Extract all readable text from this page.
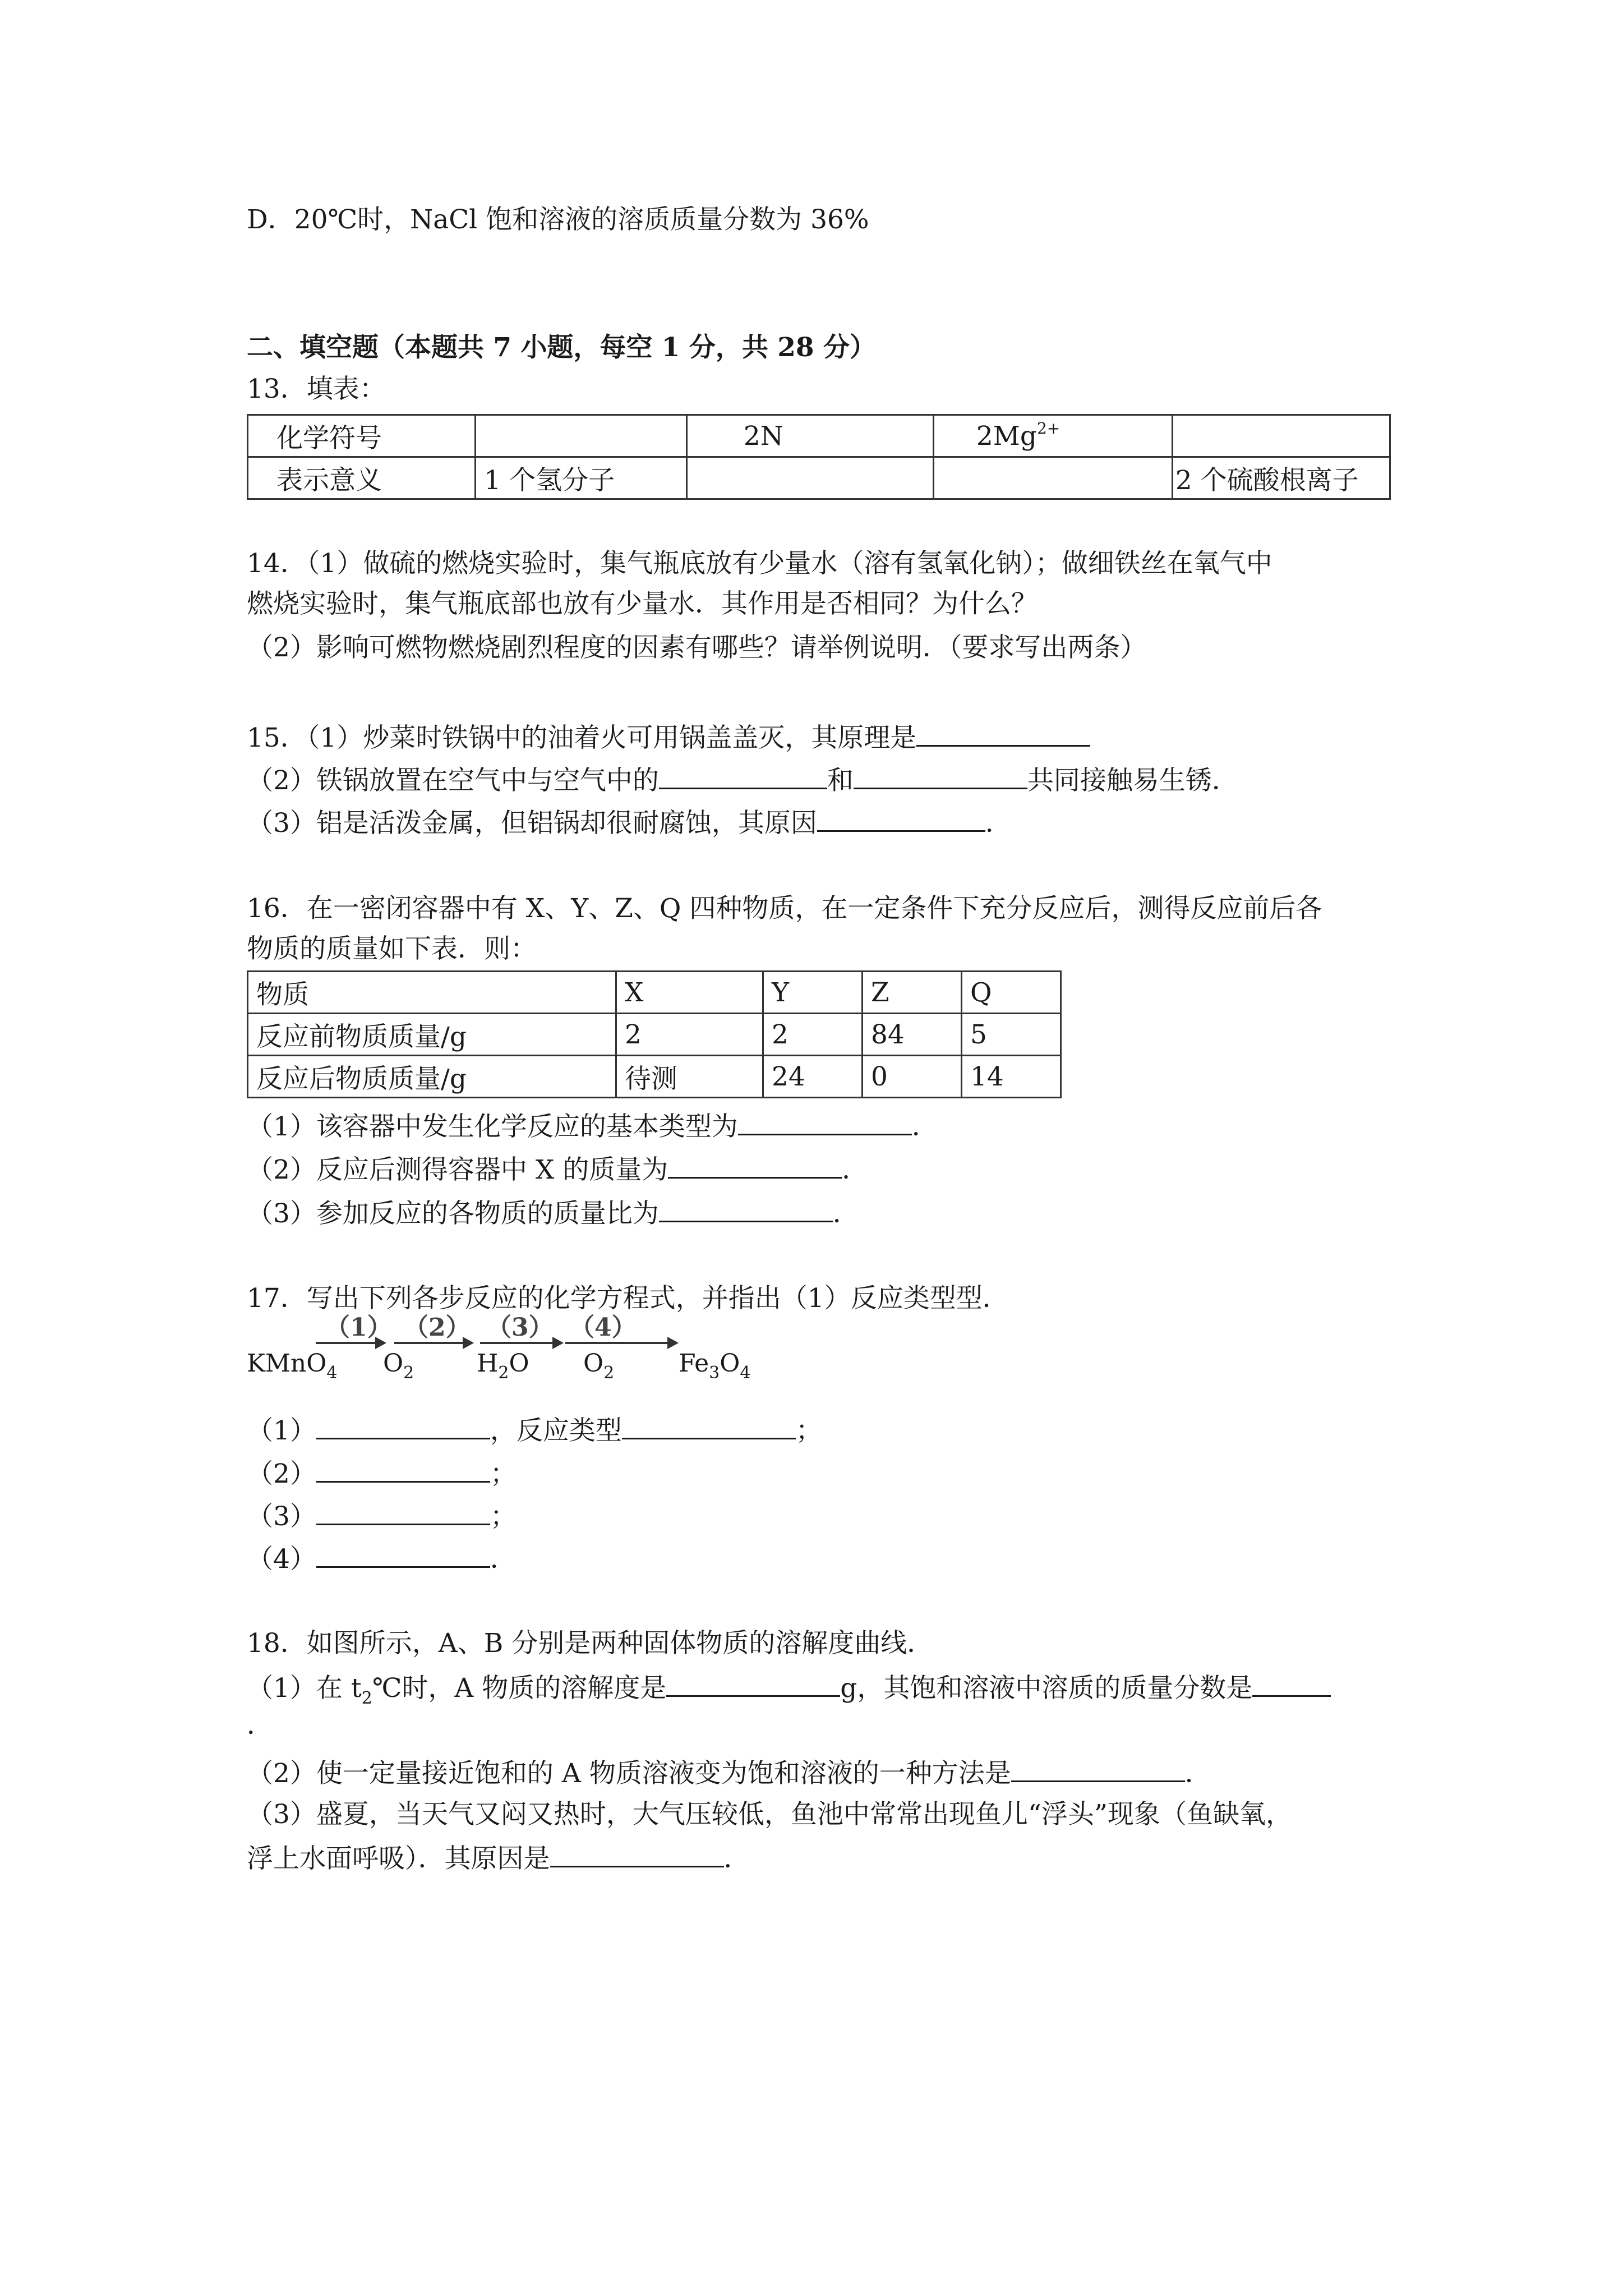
D．20℃时，NaCl 饱和溶液的溶质质量分数为 36%
二、填空题（本题共 7 小题，每空 1 分，共 28 分）
13．填表：
化学符号		2N	$2Mg^{2+}$	
表示意义	1 个氢分子			2 个硫酸根离子
14．（1）做硫的燃烧实验时，集气瓶底放有少量水（溶有氢氧化钠）；做细铁丝在氧气中
燃烧实验时，集气瓶底部也放有少量水．其作用是否相同？为什么？
（2）影响可燃物燃烧剧烈程度的因素有哪些？请举例说明．（要求写出两条）
15．（1）炒菜时铁锅中的油着火可用锅盖盖灭，其原理是
（2）铁锅放置在空气中与空气中的	和	共同接触易生锈．
（3）铝是活泼金属，但铝锅却很耐腐蚀，其原因	．
16．在一密闭容器中有 X、Y、Z、Q 四种物质，在一定条件下充分反应后，测得反应前后各
物质的质量如下表．则：
物质	X	Y	Z	Q
反应前物质质量/g	2	2	84	5
反应后物质质量/g	待测	24	0	14
（1）该容器中发生化学反应的基本类型为	．
（2）反应后测得容器中 X 的质量为	．
（3）参加反应的各物质的质量比为	．
17．写出下列各步反应的化学方程式，并指出（1）反应类型型．
（1） （2） （3） （4）
KMnO$_4$ $O_2$	$H_2O$ $O_2$	$Fe_3O_4$
（1）	，反应类型	；
（2）	；
（3）	；
（4）	．
18．如图所示，A、B 分别是两种固体物质的溶解度曲线．
（1）在 $t_2℃$时，A 物质的溶解度是	g，其饱和溶液中溶质的质量分数是
．
（2）使一定量接近饱和的 A 物质溶液变为饱和溶液的一种方法是	．
（3）盛夏，当天气又闷又热时，大气压较低，鱼池中常常出现鱼儿“浮头”现象（鱼缺氧，
浮上水面呼吸）．其原因是	．
